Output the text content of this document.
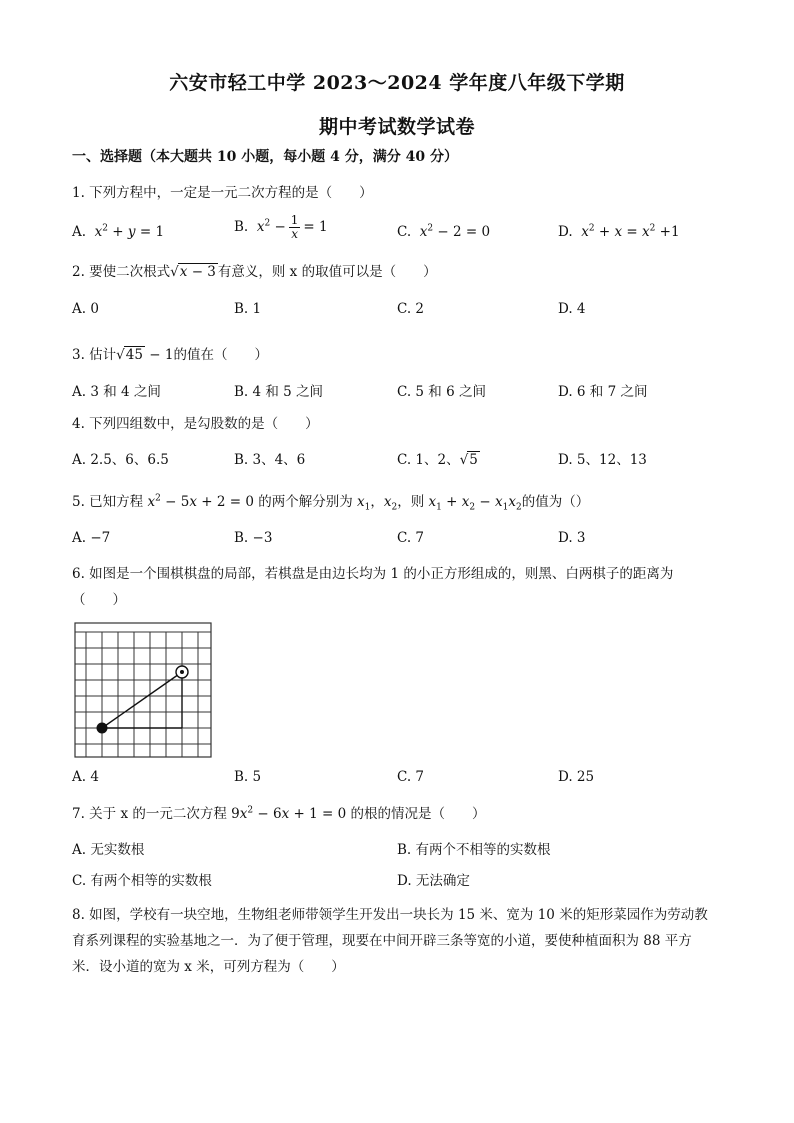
六安市轻工中学 2023～2024 学年度八年级下学期
期中考试数学试卷
一、选择题（本大题共 10 小题，每小题 4 分，满分 40 分）
1. 下列方程中，一定是一元二次方程的是（　　）
A. $x^2 + y = 1$	B. $x^2 - \frac{1}{x} = 1$	C. $x^2 - 2 = 0$	D. $x^2 + x = x^2 +1$
2. 要使二次根式√x − 3 有意义，则 x 的取值可以是（　　）
A. 0	B. 1	C. 2	D. 4
3. 估计√45 − 1的值在（　　）
A. 3 和 4 之间	B. 4 和 5 之间	C. 5 和 6 之间	D. 6 和 7 之间
4. 下列四组数中，是勾股数的是（　　）
A. 2.5、6、6.5	B. 3、4、6	C. 1、2、√5	D. 5、12、13
5. 已知方程 $x^2 - 5x + 2 = 0$ 的两个解分别为 $x_1$，$x_2$，则 $x_1 + x_2 - x_1x_2$的值为（）
A. −7	B. −3	C. 7	D. 3
6. 如图是一个围棋棋盘的局部，若棋盘是由边长均为 1 的小正方形组成的，则黑、白两棋子的距离为
（　　）
A. 4	B. 5	C. 7	D. 25
7. 关于 x 的一元二次方程 $9x^2 - 6x + 1 = 0$ 的根的情况是（　　）
A. 无实数根	B. 有两个不相等的实数根
C. 有两个相等的实数根	D. 无法确定
8. 如图，学校有一块空地，生物组老师带领学生开发出一块长为 15 米、宽为 10 米的矩形菜园作为劳动教
育系列课程的实验基地之一．为了便于管理，现要在中间开辟三条等宽的小道，要使种植面积为 88 平方
米．设小道的宽为 x 米，可列方程为（　　）
